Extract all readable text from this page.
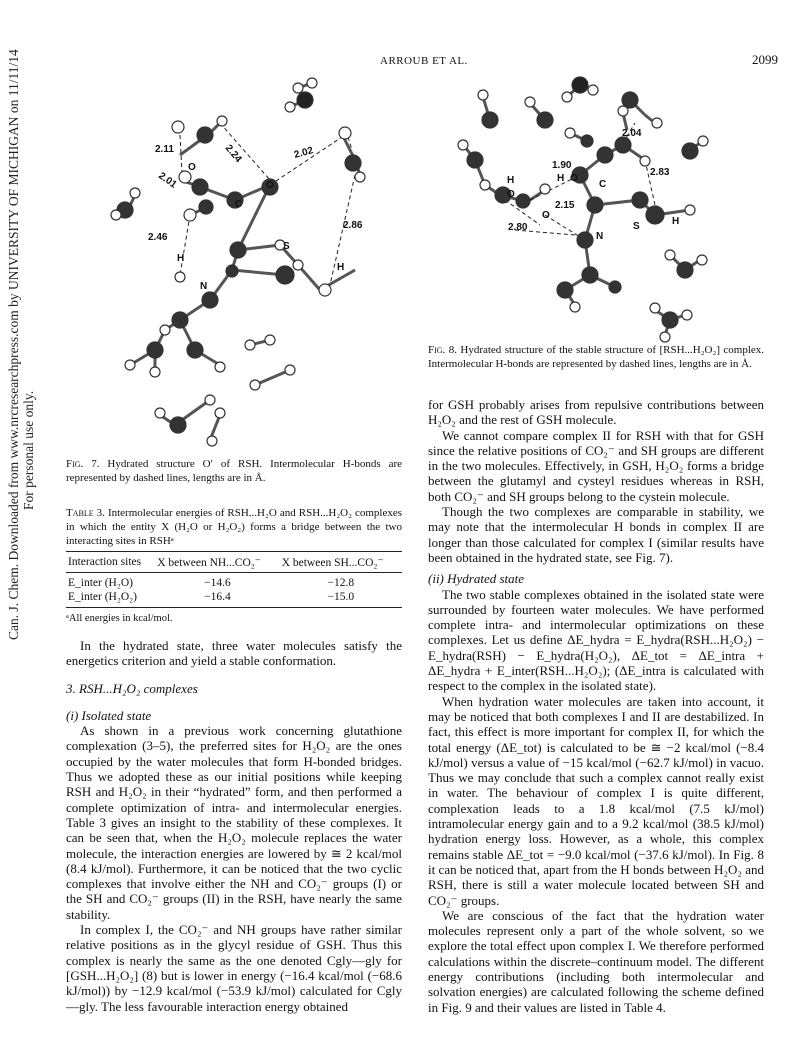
Can. J. Chem. Downloaded from www.nrcresearchpress.com by UNIVERSITY OF MICHIGAN on 11/11/14 For personal use only.
ARROUB ET AL.	2099
2.11	2.24	2.02
2.01
2.46
2.86
O
O
C
H
N
S
H
Fig. 7. Hydrated structure O′ of RSH. Intermolecular H-bonds are represented by dashed lines, lengths are in Å.
Table 3. Intermolecular energies of RSH...H₂O and RSH...H₂O₂ complexes in which the entity X (H₂O or H₂O₂) forms a bridge between the two interacting sites in RSHᵃ
Interaction sites	X between NH...CO₂⁻	X between SH...CO₂⁻
E_inter (H₂O)	−14.6	−12.8
E_inter (H₂O₂)	−16.4	−15.0
ᵃAll energies in kcal/mol.

In the hydrated state, three water molecules satisfy the energetics criterion and yield a stable conformation.

3. RSH...H₂O₂ complexes
(i) Isolated state

As shown in a previous work concerning glutathione complexation (3–5), the preferred sites for H₂O₂ are the ones occupied by the water molecules that form H-bonded bridges. Thus we adopted these as our initial positions while keeping RSH and H₂O₂ in their “hydrated” form, and then performed a complete optimization of intra- and intermolecular energies. Table 3 gives an insight to the stability of these complexes. It can be seen that, when the H₂O₂ molecule replaces the water molecule, the interaction energies are lowered by ≅ 2 kcal/mol (8.4 kJ/mol). Furthermore, it can be noticed that the two cyclic complexes that involve either the NH and CO₂⁻ groups (I) or the SH and CO₂⁻ groups (II) in the RSH, have nearly the same stability.

In complex I, the CO₂⁻ and NH groups have rather similar relative positions as in the glycyl residue of GSH. Thus this complex is nearly the same as the one denoted Cgly—gly for [GSH...H₂O₂] (8) but is lower in energy (−16.4 kcal/mol (−68.6 kJ/mol)) by −12.9 kcal/mol (−53.9 kJ/mol) calculated for Cgly—gly. The less favourable interaction energy obtained

2.04
2.83
1.90
2.15
2.80
H	H O
O
O
C
N
S	H
Fig. 8. Hydrated structure of the stable structure of [RSH...H₂O₂] complex. Intermolecular H-bonds are represented by dashed lines, lengths are in Å.

for GSH probably arises from repulsive contributions between H₂O₂ and the rest of GSH molecule.

We cannot compare complex II for RSH with that for GSH since the relative positions of CO₂⁻ and SH groups are different in the two molecules. Effectively, in GSH, H₂O₂ forms a bridge between the glutamyl and cysteyl residues whereas in RSH, both CO₂⁻ and SH groups belong to the cystein molecule.

Though the two complexes are comparable in stability, we may note that the intermolecular H bonds in complex II are longer than those calculated for complex I (similar results have been obtained in the hydrated state, see Fig. 7).

(ii) Hydrated state

The two stable complexes obtained in the isolated state were surrounded by fourteen water molecules. We have performed complete intra- and intermolecular optimizations on these complexes. Let us define ΔE_hydra = E_hydra(RSH...H₂O₂) − E_hydra(RSH) − E_hydra(H₂O₂), ΔE_tot = ΔE_intra + ΔE_hydra + E_inter(RSH...H₂O₂); (ΔE_intra is calculated with respect to the complex in the isolated state).

When hydration water molecules are taken into account, it may be noticed that both complexes I and II are destabilized. In fact, this effect is more important for complex II, for which the total energy (ΔE_tot) is calculated to be ≅ −2 kcal/mol (−8.4 kJ/mol) versus a value of −15 kcal/mol (−62.7 kJ/mol) in vacuo. Thus we may conclude that such a complex cannot really exist in water. The behaviour of complex I is quite different, complexation leads to a 1.8 kcal/mol (7.5 kJ/mol) intramolecular energy gain and to a 9.2 kcal/mol (38.5 kJ/mol) hydration energy loss. However, as a whole, this complex remains stable ΔE_tot = −9.0 kcal/mol (−37.6 kJ/mol). In Fig. 8 it can be noticed that, apart from the H bonds between H₂O₂ and RSH, there is still a water molecule located between SH and CO₂⁻ groups.

We are conscious of the fact that the hydration water molecules represent only a part of the whole solvent, so we explore the total effect upon complex I. We therefore performed calculations within the discrete–continuum model. The different energy contributions (including both intermolecular and solvation energies) are calculated following the scheme defined in Fig. 9 and their values are listed in Table 4.
